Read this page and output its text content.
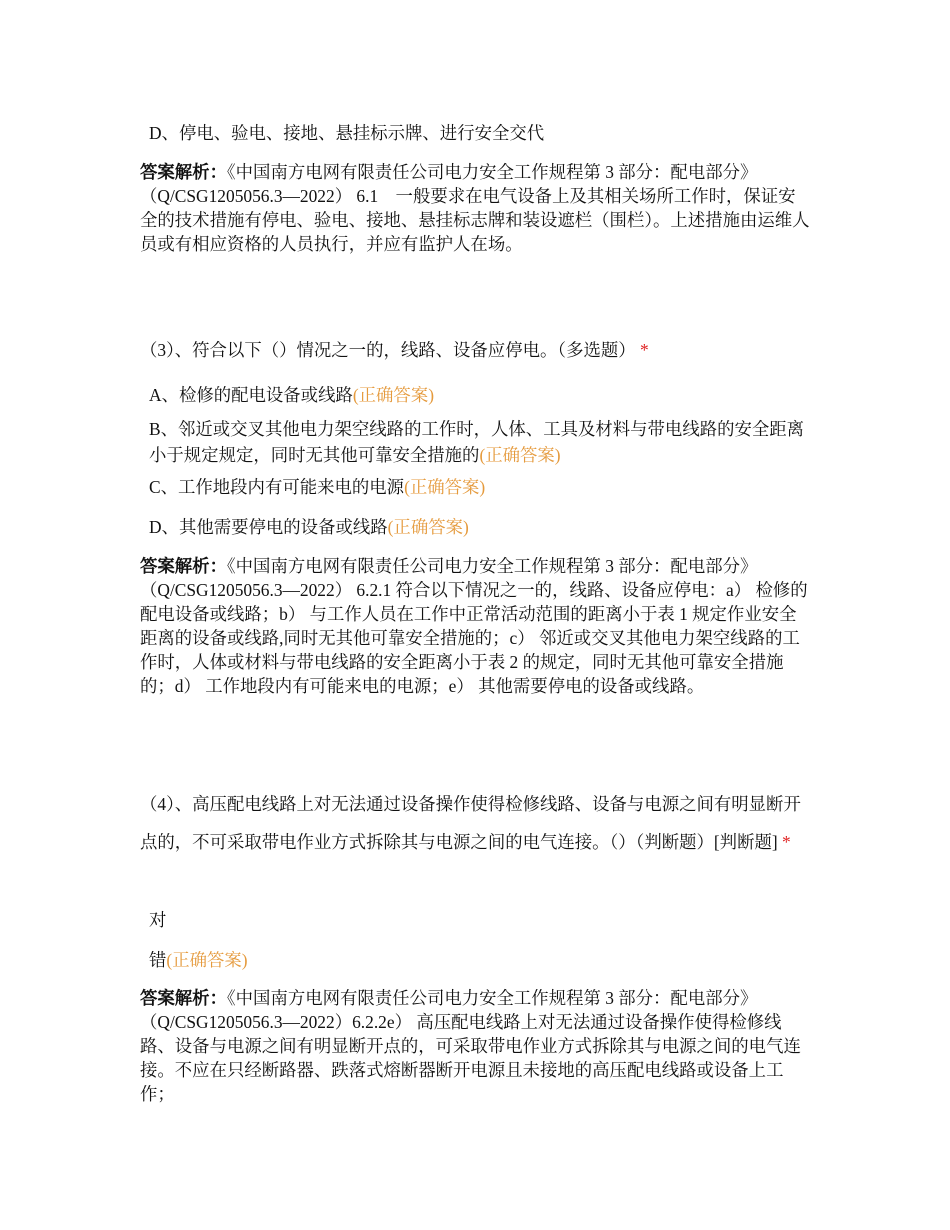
D、停电、验电、接地、悬挂标示牌、进行安全交代
答案解析：《中国南方电网有限责任公司电力安全工作规程第 3 部分：配电部分》（Q/CSG1205056.3—2022） 6.1　一般要求在电气设备上及其相关场所工作时，保证安全的技术措施有停电、验电、接地、悬挂标志牌和装设遮栏（围栏）。上述措施由运维人员或有相应资格的人员执行，并应有监护人在场。
（3）、符合以下（）情况之一的，线路、设备应停电。（多选题） *
A、检修的配电设备或线路(正确答案)
B、邻近或交叉其他电力架空线路的工作时，人体、工具及材料与带电线路的安全距离小于规定规定，同时无其他可靠安全措施的(正确答案)
C、工作地段内有可能来电的电源(正确答案)
D、其他需要停电的设备或线路(正确答案)
答案解析：《中国南方电网有限责任公司电力安全工作规程第 3 部分：配电部分》（Q/CSG1205056.3—2022） 6.2.1 符合以下情况之一的，线路、设备应停电：a） 检修的配电设备或线路；b） 与工作人员在工作中正常活动范围的距离小于表 1 规定作业安全距离的设备或线路,同时无其他可靠安全措施的；c） 邻近或交叉其他电力架空线路的工作时，人体或材料与带电线路的安全距离小于表 2 的规定，同时无其他可靠安全措施的；d） 工作地段内有可能来电的电源；e） 其他需要停电的设备或线路。
（4）、高压配电线路上对无法通过设备操作使得检修线路、设备与电源之间有明显断开点的，不可采取带电作业方式拆除其与电源之间的电气连接。（）（判断题）[判断题] *
对
错(正确答案)
答案解析：《中国南方电网有限责任公司电力安全工作规程第 3 部分：配电部分》（Q/CSG1205056.3—2022）6.2.2e） 高压配电线路上对无法通过设备操作使得检修线路、设备与电源之间有明显断开点的，可采取带电作业方式拆除其与电源之间的电气连接。不应在只经断路器、跌落式熔断器断开电源且未接地的高压配电线路或设备上工作；
